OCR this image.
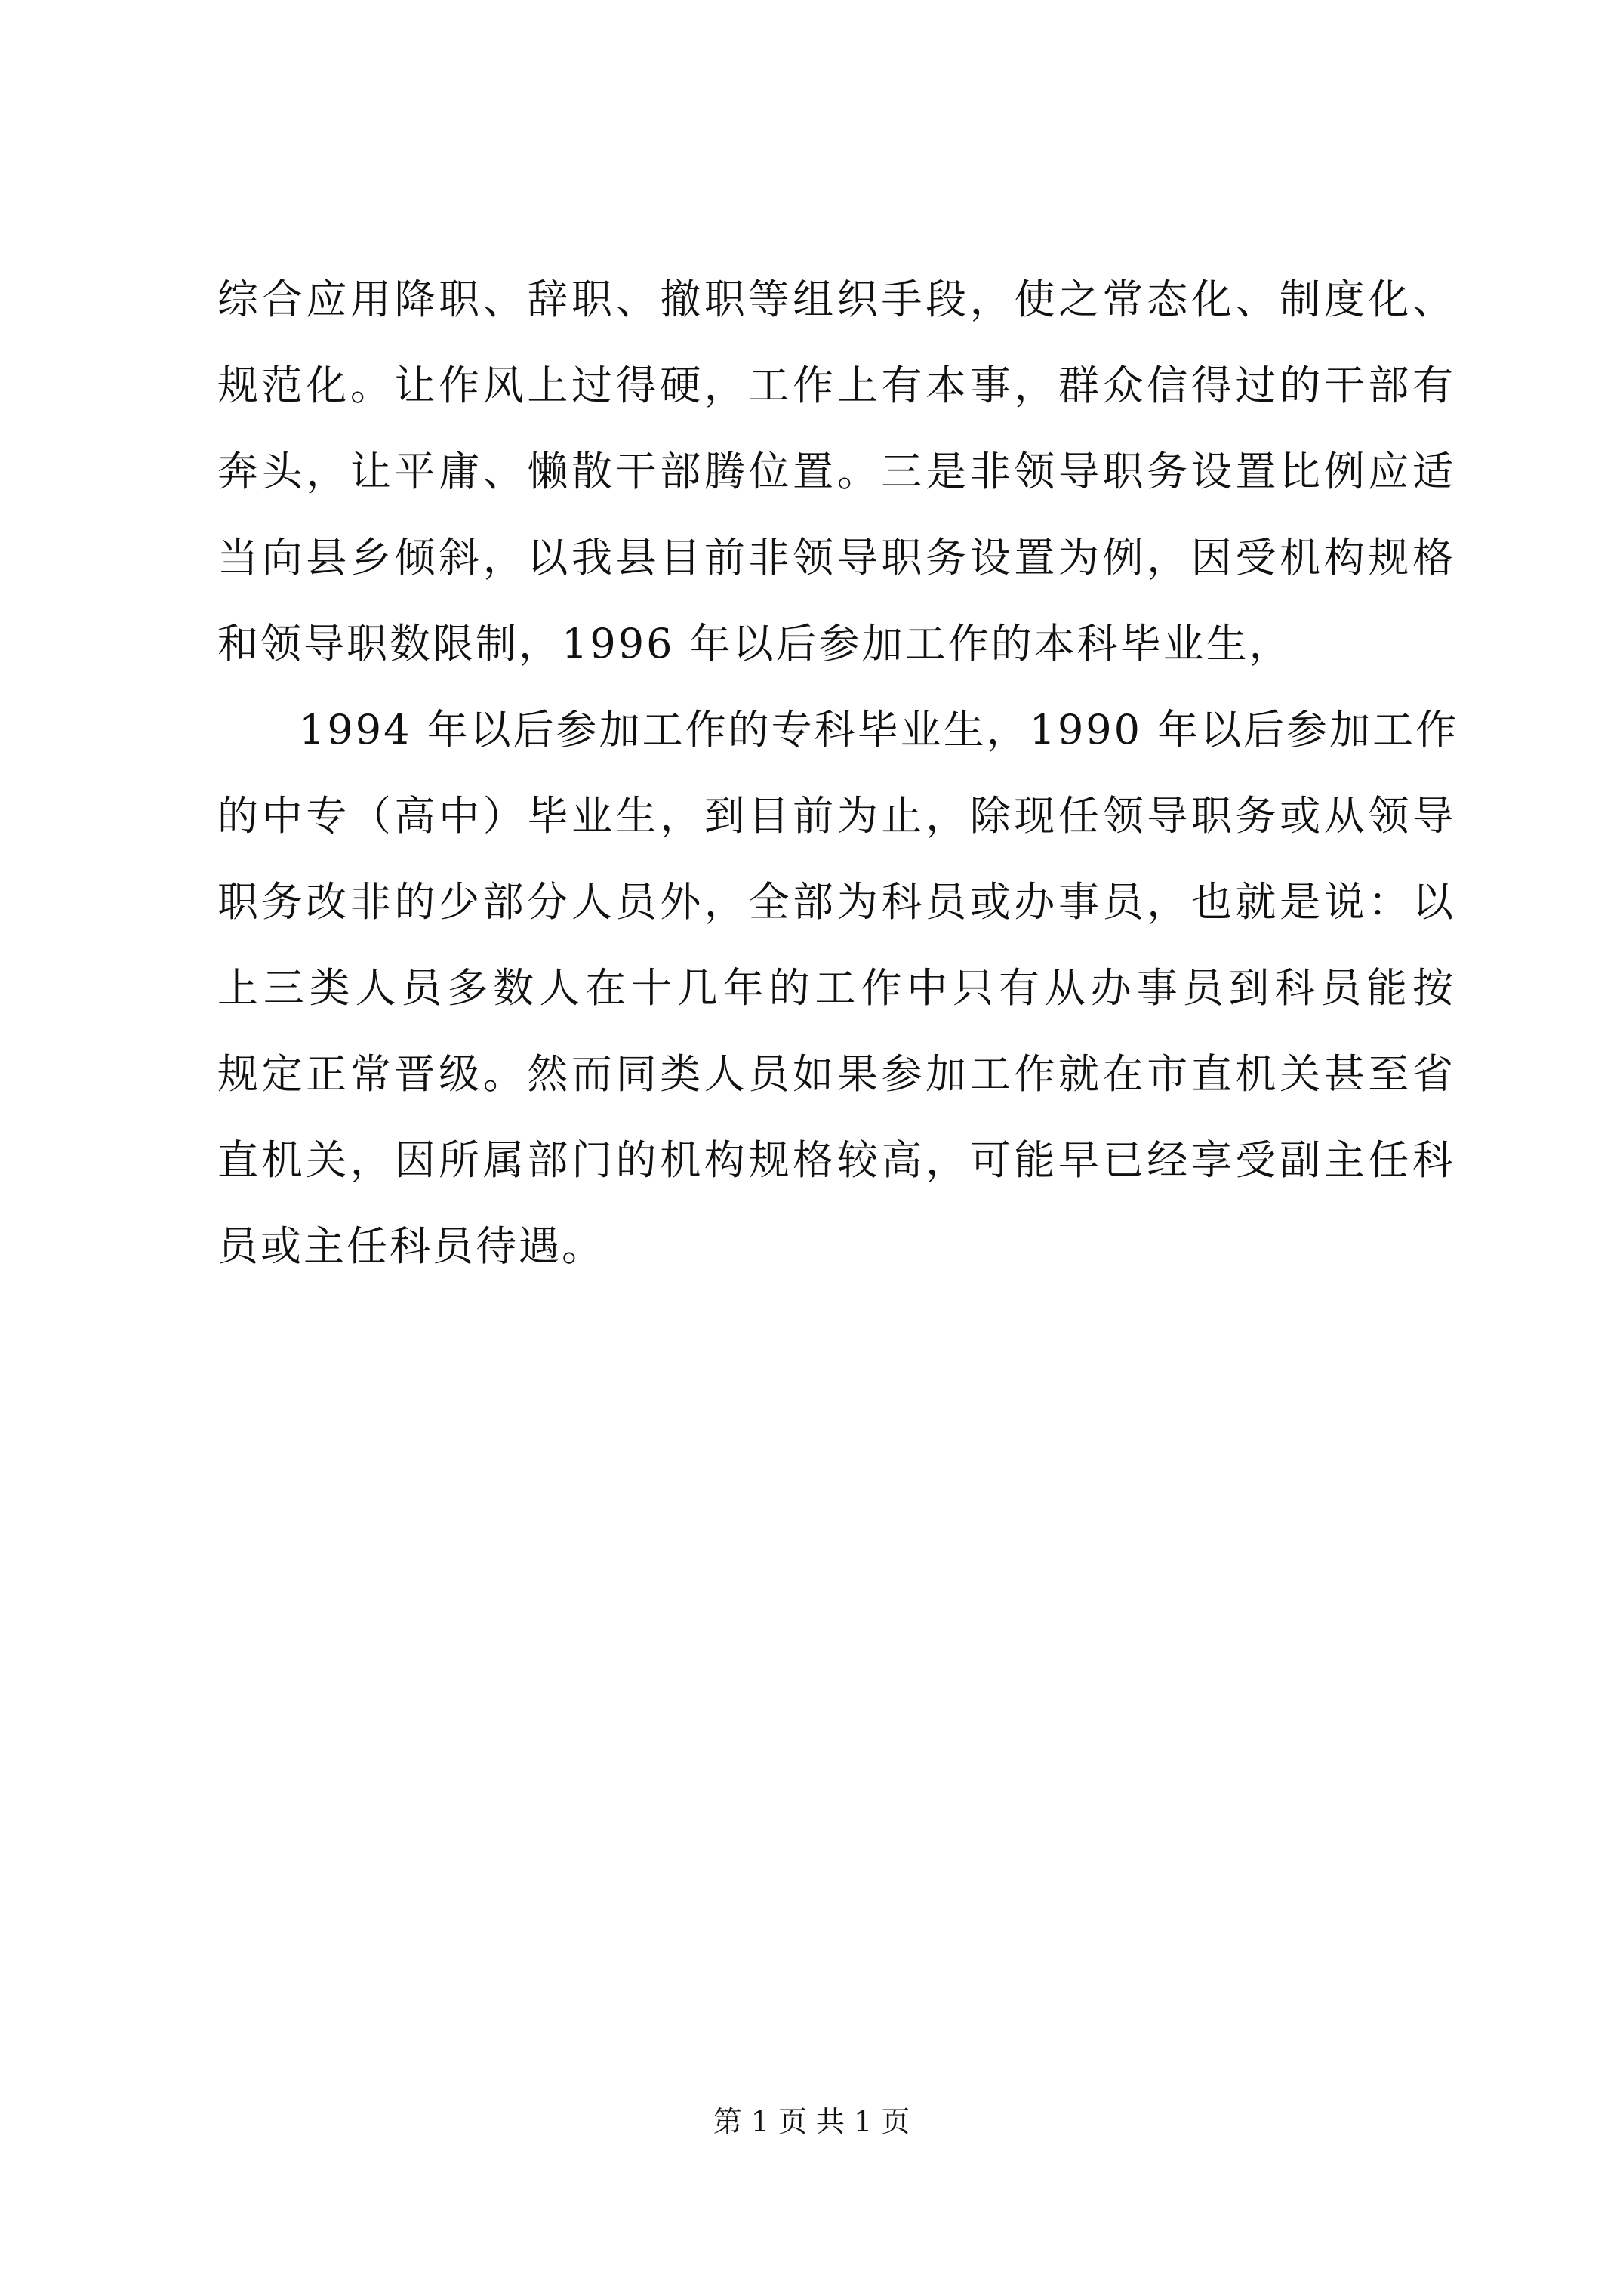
综合应用降职、辞职、撤职等组织手段，使之常态化、制度化、
规范化。让作风上过得硬，工作上有本事，群众信得过的干部有
奔头，让平庸、懒散干部腾位置。三是非领导职务设置比例应适
当向县乡倾斜，以我县目前非领导职务设置为例，因受机构规格
和领导职数限制，1996 年以后参加工作的本科毕业生，
1994 年以后参加工作的专科毕业生，1990 年以后参加工作
的中专（高中）毕业生，到目前为止，除现任领导职务或从领导
职务改非的少部分人员外，全部为科员或办事员，也就是说：以
上三类人员多数人在十几年的工作中只有从办事员到科员能按
规定正常晋级。然而同类人员如果参加工作就在市直机关甚至省
直机关，因所属部门的机构规格较高，可能早已经享受副主任科
员或主任科员待遇。
第 1 页 共 1 页
